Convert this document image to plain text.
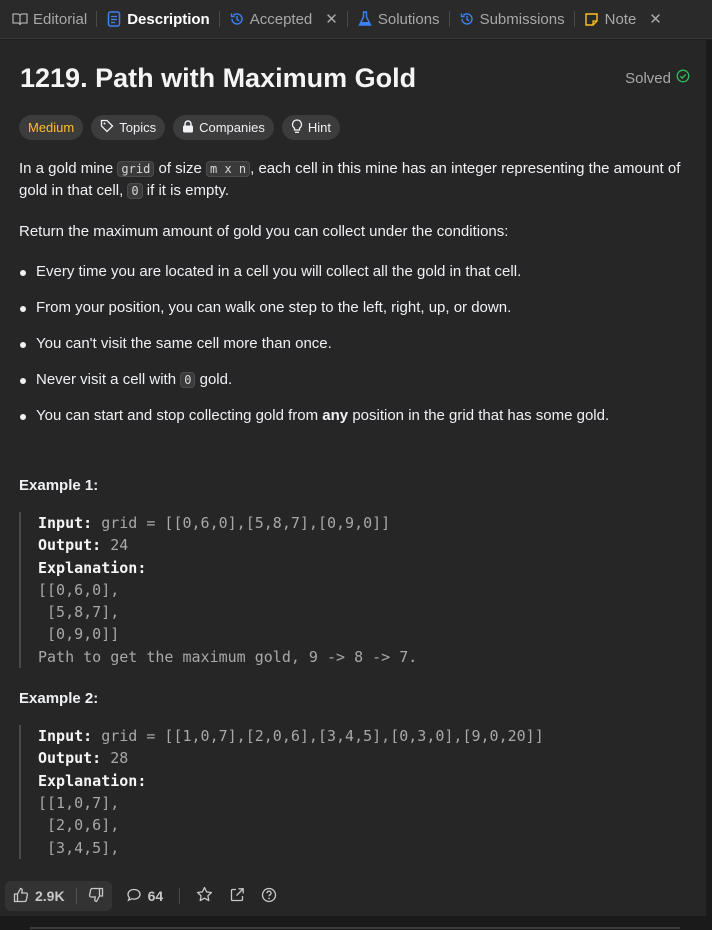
Editorial	Description	Accepted ✕	Solutions	Submissions	Note ✕
1219. Path with Maximum Gold	Solved
Medium	Topics	Companies	Hint

In a gold mine grid of size m x n , each cell in this mine has an integer representing the amount of gold in that cell, 0 if it is empty.

Return the maximum amount of gold you can collect under the conditions:

Every time you are located in a cell you will collect all the gold in that cell.
From your position, you can walk one step to the left, right, up, or down.
You can't visit the same cell more than once.
Never visit a cell with 0 gold.
You can start and stop collecting gold from any position in the grid that has some gold.
Example 1:
Input: grid = [[0,6,0],[5,8,7],[0,9,0]]
Output: 24
Explanation:
[[0,6,0],
[5,8,7],
[0,9,0]]
Path to get the maximum gold, 9 -> 8 -> 7.
Example 2:
Input: grid = [[1,0,7],[2,0,6],[3,4,5],[0,3,0],[9,0,20]]
Output: 28
Explanation:
[[1,0,7],
[2,0,6],
[3,4,5],
2.9K	64
